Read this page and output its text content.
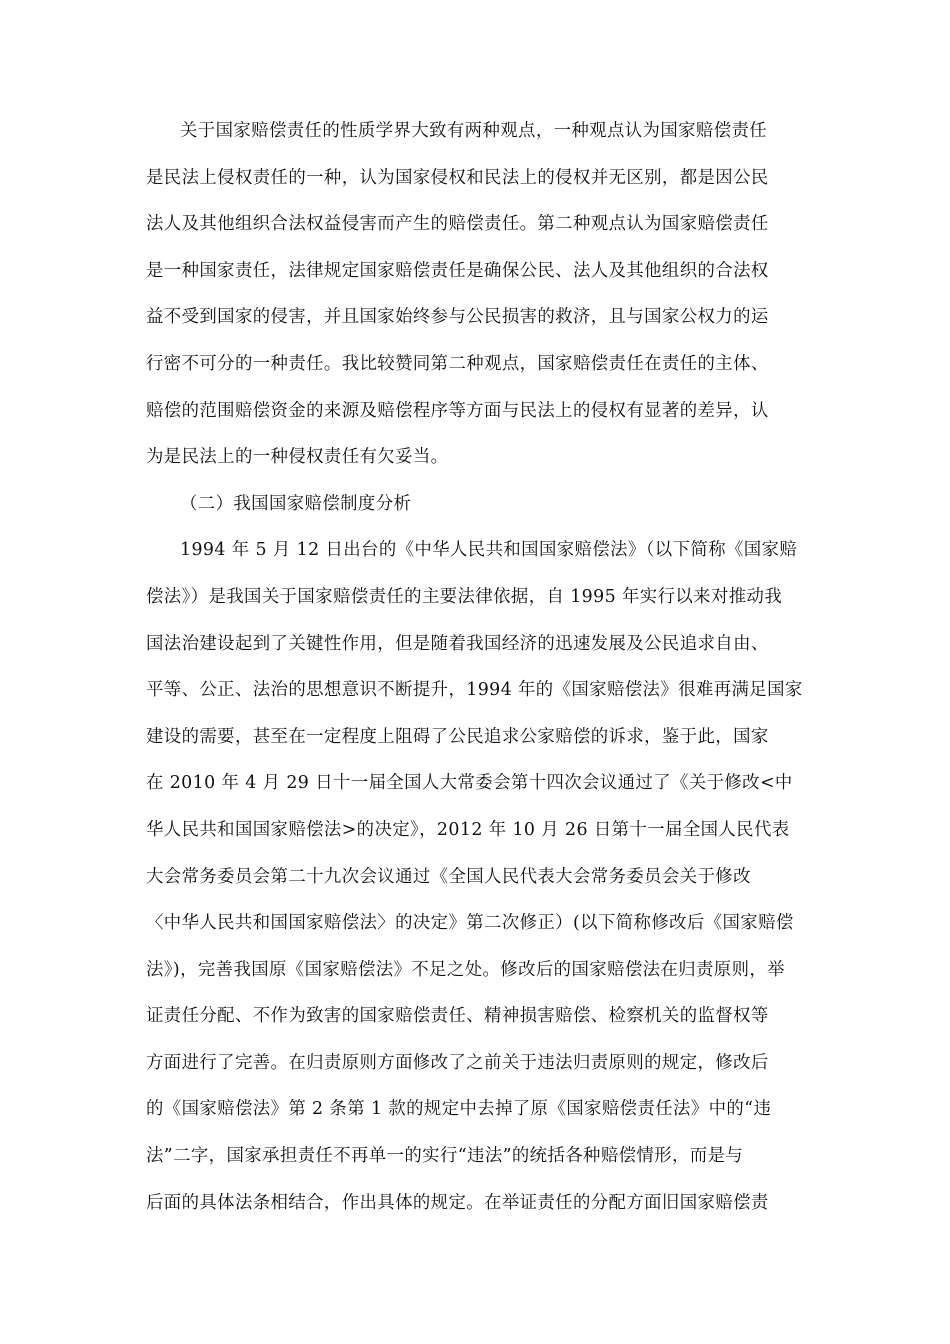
关于国家赔偿责任的性质学界大致有两种观点，一种观点认为国家赔偿责任
是民法上侵权责任的一种，认为国家侵权和民法上的侵权并无区别，都是因公民
法人及其他组织合法权益侵害而产生的赔偿责任。第二种观点认为国家赔偿责任
是一种国家责任，法律规定国家赔偿责任是确保公民、法人及其他组织的合法权
益不受到国家的侵害，并且国家始终参与公民损害的救济，且与国家公权力的运
行密不可分的一种责任。我比较赞同第二种观点，国家赔偿责任在责任的主体、
赔偿的范围赔偿资金的来源及赔偿程序等方面与民法上的侵权有显著的差异，认
为是民法上的一种侵权责任有欠妥当。
（二）我国国家赔偿制度分析
1994 年 5 月 12 日出台的《中华人民共和国国家赔偿法》（以下简称《国家赔
偿法》）是我国关于国家赔偿责任的主要法律依据，自 1995 年实行以来对推动我
国法治建设起到了关键性作用，但是随着我国经济的迅速发展及公民追求自由、
平等、公正、法治的思想意识不断提升，1994 年的《国家赔偿法》很难再满足国家
建设的需要，甚至在一定程度上阻碍了公民追求公家赔偿的诉求，鉴于此，国家
在 2010 年 4 月 29 日十一届全国人大常委会第十四次会议通过了《关于修改<中
华人民共和国国家赔偿法>的决定》，2012 年 10 月 26 日第十一届全国人民代表
大会常务委员会第二十九次会议通过《全国人民代表大会常务委员会关于修改
〈中华人民共和国国家赔偿法〉的决定》第二次修正）(以下简称修改后《国家赔偿
法》)，完善我国原《国家赔偿法》不足之处。修改后的国家赔偿法在归责原则，举
证责任分配、不作为致害的国家赔偿责任、精神损害赔偿、检察机关的监督权等
方面进行了完善。在归责原则方面修改了之前关于违法归责原则的规定，修改后
的《国家赔偿法》第 2 条第 1 款的规定中去掉了原《国家赔偿责任法》中的“违
法”二字，国家承担责任不再单一的实行“违法”的统括各种赔偿情形，而是与
后面的具体法条相结合，作出具体的规定。在举证责任的分配方面旧国家赔偿责
